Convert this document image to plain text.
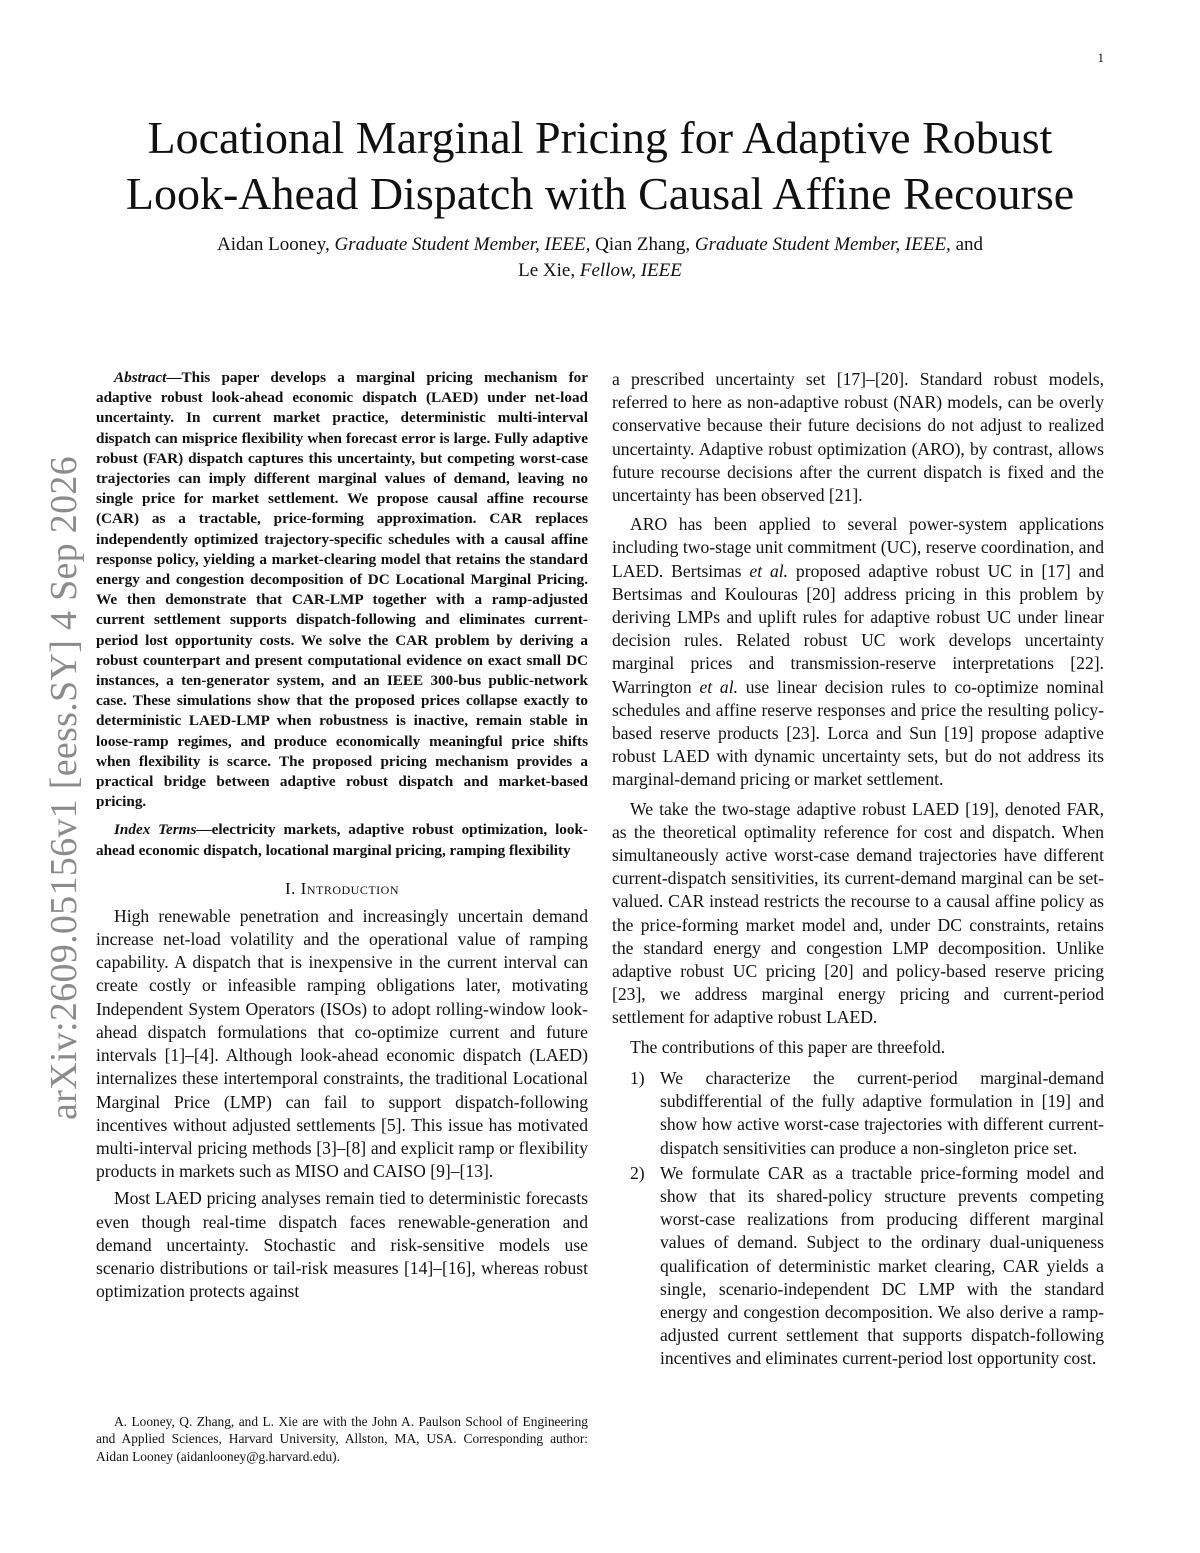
1
arXiv:2609.05156v1 [eess.SY] 4 Sep 2026
Locational Marginal Pricing for Adaptive Robust
Look-Ahead Dispatch with Causal Affine Recourse
Aidan Looney, Graduate Student Member, IEEE, Qian Zhang, Graduate Student Member, IEEE, and
Le Xie, Fellow, IEEE

Abstract—This paper develops a marginal pricing mechanism for adaptive robust look-ahead economic dispatch (LAED) under net-load uncertainty. In current market practice, deterministic multi-interval dispatch can misprice flexibility when forecast error is large. Fully adaptive robust (FAR) dispatch captures this uncertainty, but competing worst-case trajectories can imply different marginal values of demand, leaving no single price for market settlement. We propose causal affine recourse (CAR) as a tractable, price-forming approximation. CAR replaces independently optimized trajectory-specific schedules with a causal affine response policy, yielding a market-clearing model that retains the standard energy and congestion decomposition of DC Locational Marginal Pricing. We then demonstrate that CAR-LMP together with a ramp-adjusted current settlement supports dispatch-following and eliminates current-period lost opportunity costs. We solve the CAR problem by deriving a robust counterpart and present computational evidence on exact small DC instances, a ten-generator system, and an IEEE 300-bus public-network case. These simulations show that the proposed prices collapse exactly to deterministic LAED-LMP when robustness is inactive, remain stable in loose-ramp regimes, and produce economically meaningful price shifts when flexibility is scarce. The proposed pricing mechanism provides a practical bridge between adaptive robust dispatch and market-based pricing.

Index Terms—electricity markets, adaptive robust optimization, look-ahead economic dispatch, locational marginal pricing, ramping flexibility

I. Introduction

High renewable penetration and increasingly uncertain demand increase net-load volatility and the operational value of ramping capability. A dispatch that is inexpensive in the current interval can create costly or infeasible ramping obligations later, motivating Independent System Operators (ISOs) to adopt rolling-window look-ahead dispatch formulations that co-optimize current and future intervals [1]–[4]. Although look-ahead economic dispatch (LAED) internalizes these intertemporal constraints, the traditional Locational Marginal Price (LMP) can fail to support dispatch-following incentives without adjusted settlements [5]. This issue has motivated multi-interval pricing methods [3]–[8] and explicit ramp or flexibility products in markets such as MISO and CAISO [9]–[13].

Most LAED pricing analyses remain tied to deterministic forecasts even though real-time dispatch faces renewable-generation and demand uncertainty. Stochastic and risk-sensitive models use scenario distributions or tail-risk measures [14]–[16], whereas robust optimization protects against

a prescribed uncertainty set [17]–[20]. Standard robust models, referred to here as non-adaptive robust (NAR) models, can be overly conservative because their future decisions do not adjust to realized uncertainty. Adaptive robust optimization (ARO), by contrast, allows future recourse decisions after the current dispatch is fixed and the uncertainty has been observed [21].

ARO has been applied to several power-system applications including two-stage unit commitment (UC), reserve coordination, and LAED. Bertsimas et al. proposed adaptive robust UC in [17] and Bertsimas and Koulouras [20] address pricing in this problem by deriving LMPs and uplift rules for adaptive robust UC under linear decision rules. Related robust UC work develops uncertainty marginal prices and transmission-reserve interpretations [22]. Warrington et al. use linear decision rules to co-optimize nominal schedules and affine reserve responses and price the resulting policy-based reserve products [23]. Lorca and Sun [19] propose adaptive robust LAED with dynamic uncertainty sets, but do not address its marginal-demand pricing or market settlement.

We take the two-stage adaptive robust LAED [19], denoted FAR, as the theoretical optimality reference for cost and dispatch. When simultaneously active worst-case demand trajectories have different current-dispatch sensitivities, its current-demand marginal can be set-valued. CAR instead restricts the recourse to a causal affine policy as the price-forming market model and, under DC constraints, retains the standard energy and congestion LMP decomposition. Unlike adaptive robust UC pricing [20] and policy-based reserve pricing [23], we address marginal energy pricing and current-period settlement for adaptive robust LAED.

The contributions of this paper are threefold.

1) We characterize the current-period marginal-demand subdifferential of the fully adaptive formulation in [19] and show how active worst-case trajectories with different current-dispatch sensitivities can produce a non-singleton price set.
2) We formulate CAR as a tractable price-forming model and show that its shared-policy structure prevents competing worst-case realizations from producing different marginal values of demand. Subject to the ordinary dual-uniqueness qualification of deterministic market clearing, CAR yields a single, scenario-independent DC LMP with the standard energy and congestion decomposition. We also derive a ramp-adjusted current settlement that supports dispatch-following incentives and eliminates current-period lost opportunity cost.
A. Looney, Q. Zhang, and L. Xie are with the John A. Paulson School of Engineering and Applied Sciences, Harvard University, Allston, MA, USA. Corresponding author: Aidan Looney (aidanlooney@g.harvard.edu).
